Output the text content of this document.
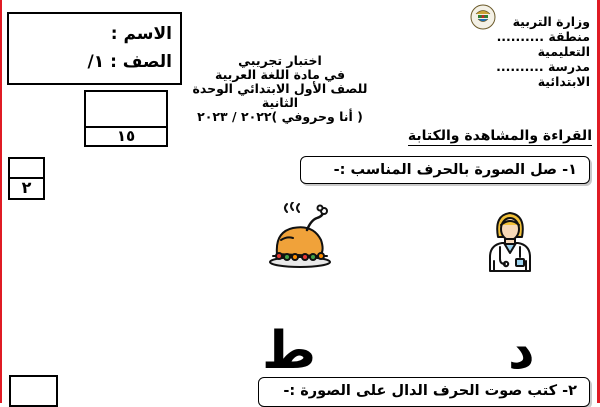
وزارة التربية
منطقة .......... التعليمية
مدرسة .......... الابتدائية
الاسم :
الصف : ١/	اختبار تجريبي
في مادة اللغة العربية
للصف الأول الابتدائي الوحدة الثانية
( أنا وحروفي )٢٠٢٢ / ٢٠٢٣
١٥	القراءة والمشاهدة والكتابة
٢
١- صل الصورة بالحرف المناسب :-
ط	د
٢- كتب صوت الحرف الدال على الصورة :-
